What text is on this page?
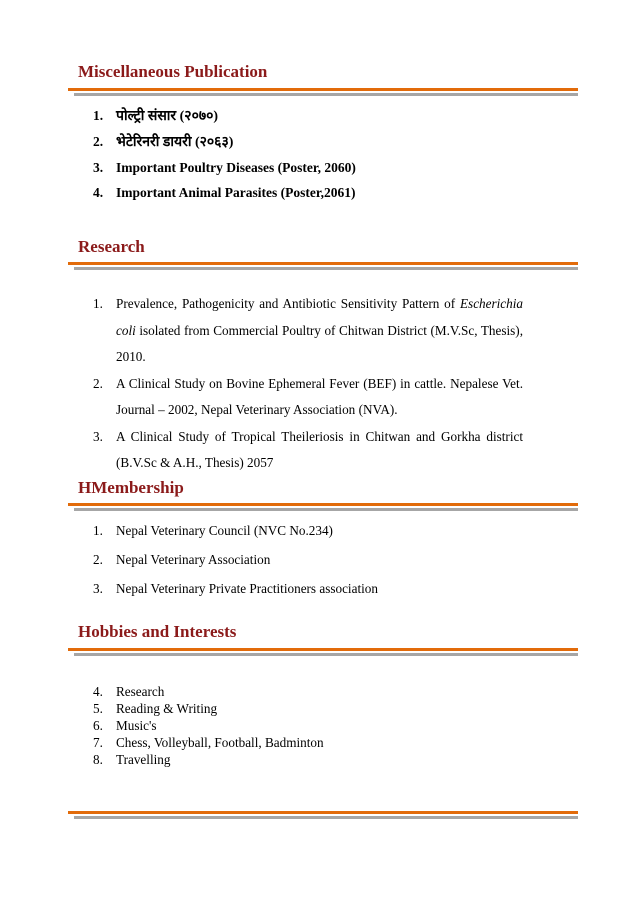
Miscellaneous Publication
1. पोल्ट्री संसार (२०७०)
2. भेटेरिनरी डायरी (२०६३)
3. Important Poultry Diseases (Poster, 2060)
4. Important Animal Parasites (Poster,2061)
Research
1. Prevalence, Pathogenicity and Antibiotic Sensitivity Pattern of Escherichia coli isolated from Commercial Poultry of Chitwan District (M.V.Sc, Thesis), 2010.
2. A Clinical Study on Bovine Ephemeral Fever (BEF) in cattle. Nepalese Vet. Journal – 2002, Nepal Veterinary Association (NVA).
3. A Clinical Study of Tropical Theileriosis in Chitwan and Gorkha district (B.V.Sc & A.H., Thesis) 2057
HMembership
1. Nepal Veterinary Council (NVC No.234)
2. Nepal Veterinary Association
3. Nepal Veterinary Private Practitioners association
Hobbies and Interests
4. Research
5. Reading & Writing
6. Music's
7. Chess, Volleyball, Football, Badminton
8. Travelling
